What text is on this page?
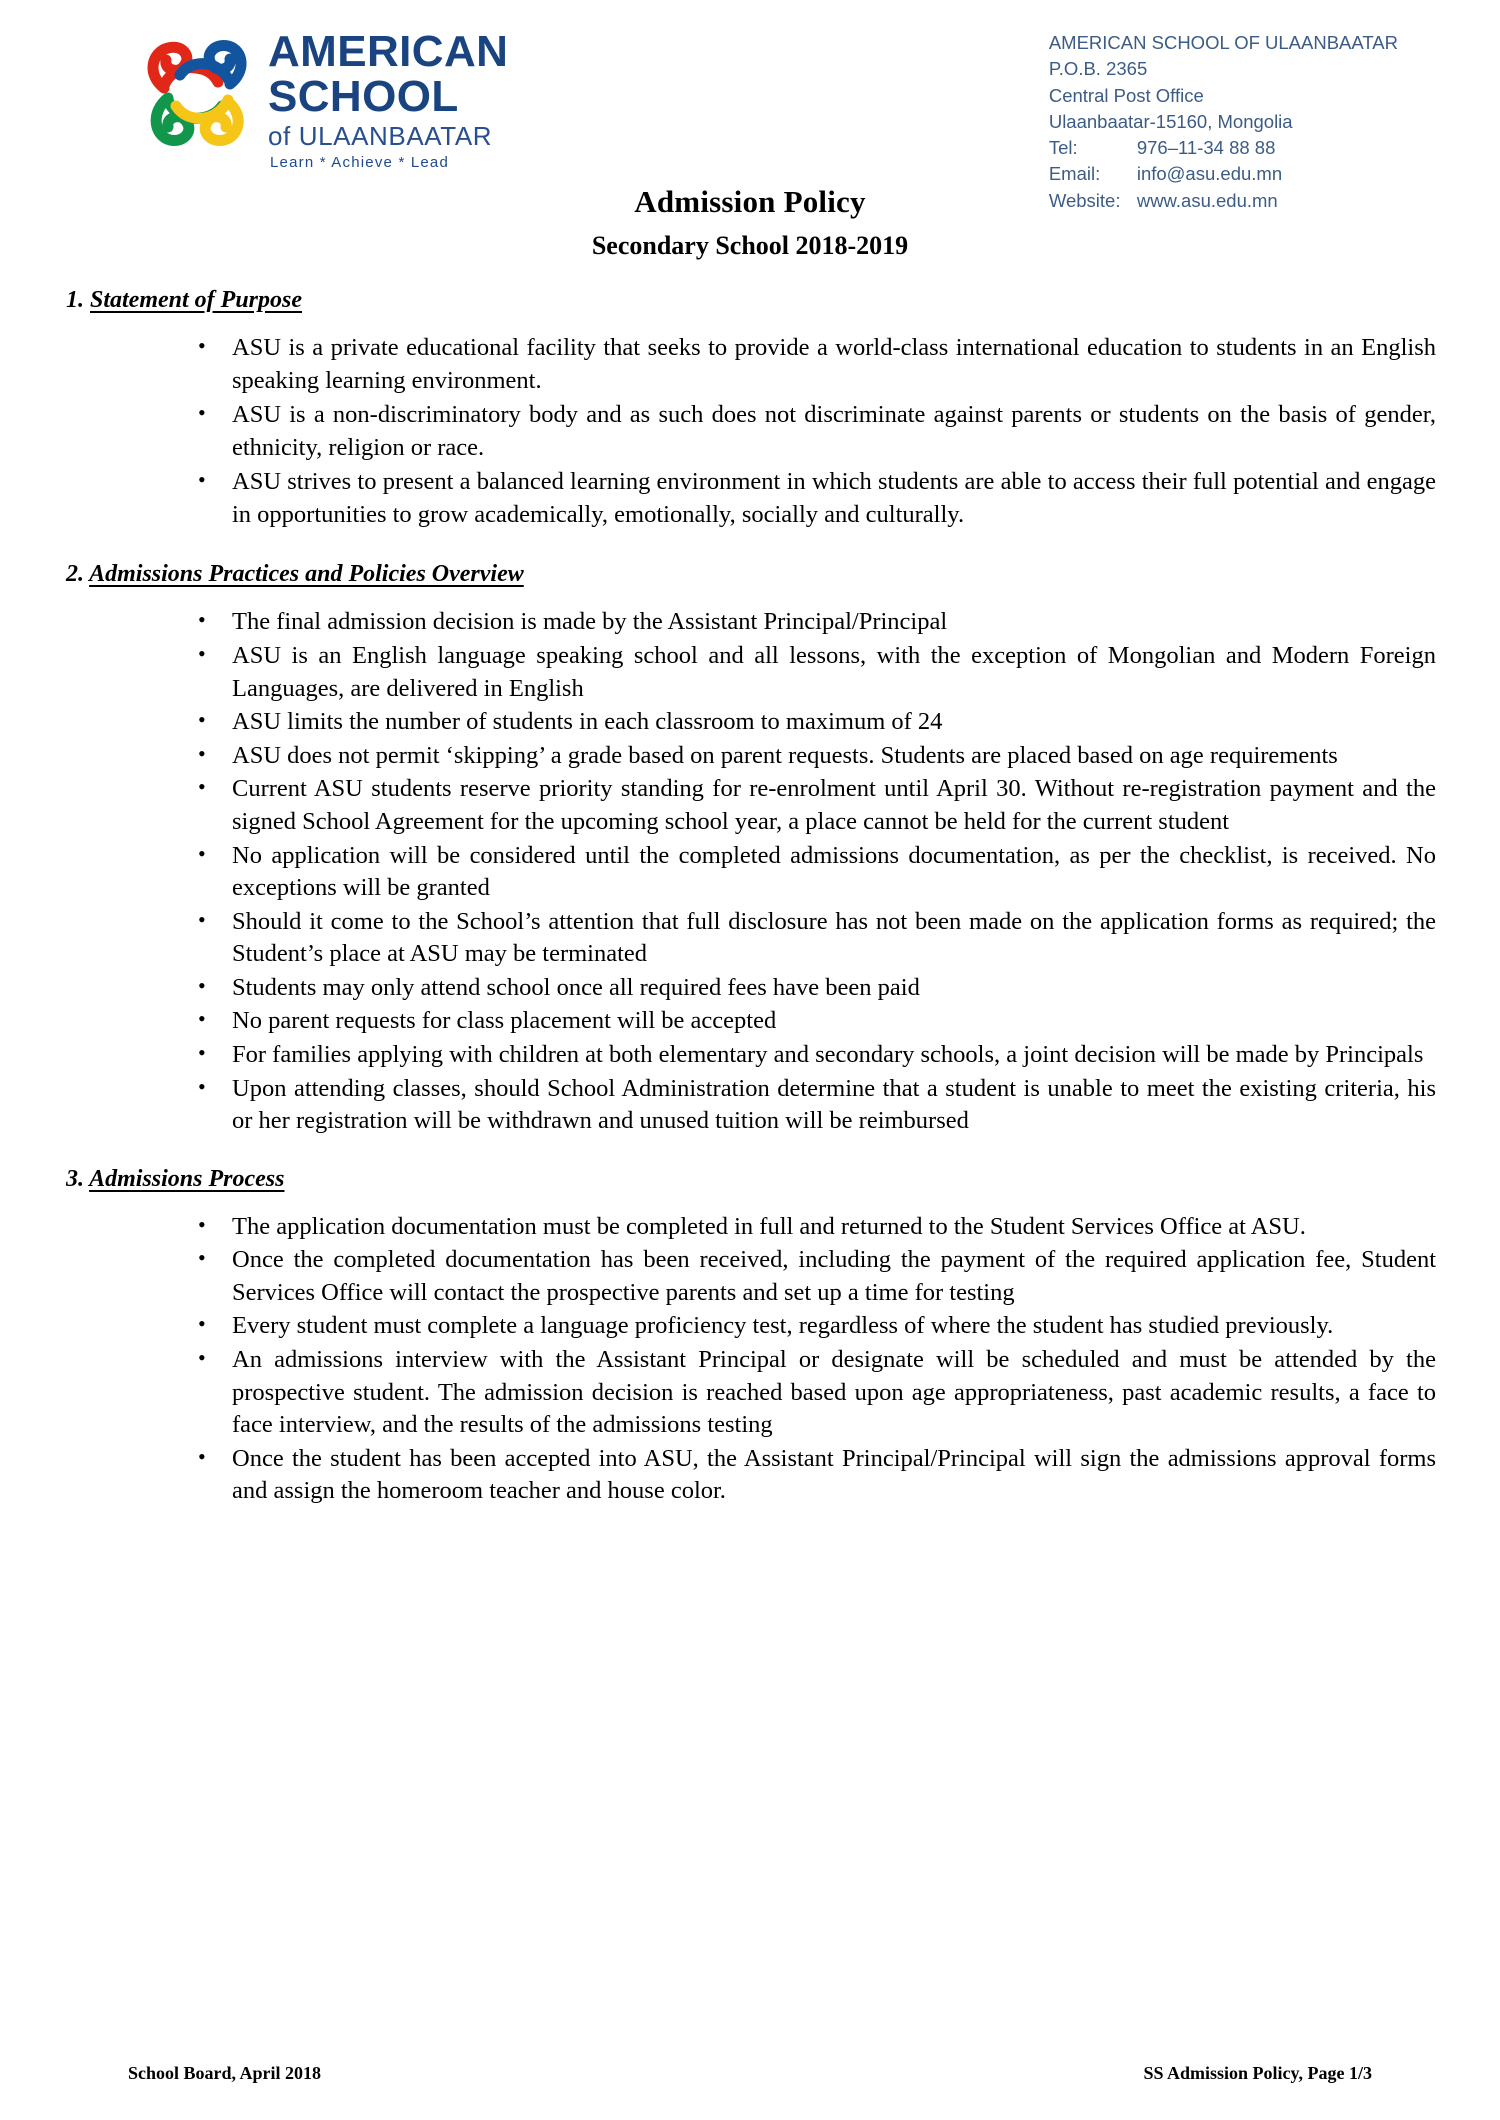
AMERICAN
SCHOOL
of ULAANBAATAR
Learn * Achieve * Lead
AMERICAN SCHOOL OF ULAANBAATAR
P.O.B. 2365
Central Post Office
Ulaanbaatar-15160, Mongolia
Tel:	976–11-34 88 88
Email: info@asu.edu.mn
Website: www.asu.edu.mn
Admission Policy
Secondary School 2018-2019
1. Statement of Purpose
• ASU is a private educational facility that seeks to provide a world-class international education to students in an English speaking learning environment.
• ASU is a non-discriminatory body and as such does not discriminate against parents or students on the basis of gender, ethnicity, religion or race.
• ASU strives to present a balanced learning environment in which students are able to access their full potential and engage in opportunities to grow academically, emotionally, socially and culturally.
2. Admissions Practices and Policies Overview
• The final admission decision is made by the Assistant Principal/Principal
• ASU is an English language speaking school and all lessons, with the exception of Mongolian and Modern Foreign Languages, are delivered in English
• ASU limits the number of students in each classroom to maximum of 24
• ASU does not permit ‘skipping’ a grade based on parent requests. Students are placed based on age requirements
• Current ASU students reserve priority standing for re-enrolment until April 30. Without re-registration payment and the signed School Agreement for the upcoming school year, a place cannot be held for the current student
• No application will be considered until the completed admissions documentation, as per the checklist, is received. No exceptions will be granted
• Should it come to the School’s attention that full disclosure has not been made on the application forms as required; the Student’s place at ASU may be terminated
• Students may only attend school once all required fees have been paid
• No parent requests for class placement will be accepted
• For families applying with children at both elementary and secondary schools, a joint decision will be made by Principals
• Upon attending classes, should School Administration determine that a student is unable to meet the existing criteria, his or her registration will be withdrawn and unused tuition will be reimbursed
3. Admissions Process
• The application documentation must be completed in full and returned to the Student Services Office at ASU.
• Once the completed documentation has been received, including the payment of the required application fee, Student Services Office will contact the prospective parents and set up a time for testing
• Every student must complete a language proficiency test, regardless of where the student has studied previously.
• An admissions interview with the Assistant Principal or designate will be scheduled and must be attended by the prospective student. The admission decision is reached based upon age appropriateness, past academic results, a face to face interview, and the results of the admissions testing
• Once the student has been accepted into ASU, the Assistant Principal/Principal will sign the admissions approval forms and assign the homeroom teacher and house color.
School Board, April 2018	SS Admission Policy, Page 1/3
